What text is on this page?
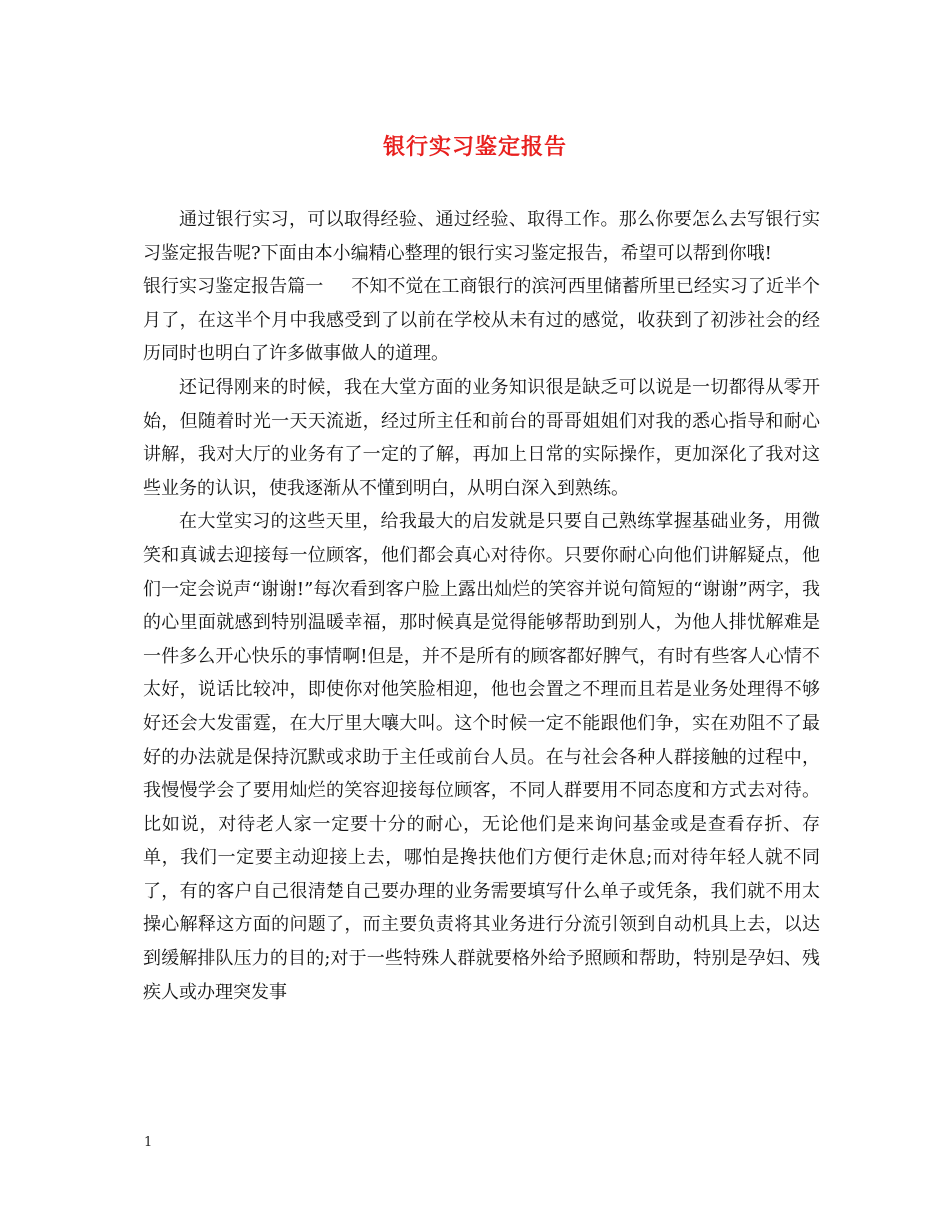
银行实习鉴定报告

通过银行实习，可以取得经验、通过经验、取得工作。那么你要怎么去写银行实习鉴定报告呢?下面由本小编精心整理的银行实习鉴定报告，希望可以帮到你哦!

银行实习鉴定报告篇一 不知不觉在工商银行的滨河西里储蓄所里已经实习了近半个月了，在这半个月中我感受到了以前在学校从未有过的感觉，收获到了初涉社会的经历同时也明白了许多做事做人的道理。

还记得刚来的时候，我在大堂方面的业务知识很是缺乏可以说是一切都得从零开始，但随着时光一天天流逝，经过所主任和前台的哥哥姐姐们对我的悉心指导和耐心讲解，我对大厅的业务有了一定的了解，再加上日常的实际操作，更加深化了我对这些业务的认识，使我逐渐从不懂到明白，从明白深入到熟练。

在大堂实习的这些天里，给我最大的启发就是只要自己熟练掌握基础业务，用微笑和真诚去迎接每一位顾客，他们都会真心对待你。只要你耐心向他们讲解疑点，他们一定会说声“谢谢!”每次看到客户脸上露出灿烂的笑容并说句简短的“谢谢”两字，我的心里面就感到特别温暖幸福，那时候真是觉得能够帮助到别人，为他人排忧解难是一件多么开心快乐的事情啊!但是，并不是所有的顾客都好脾气，有时有些客人心情不太好，说话比较冲，即使你对他笑脸相迎，他也会置之不理而且若是业务处理得不够好还会大发雷霆，在大厅里大嚷大叫。这个时候一定不能跟他们争，实在劝阻不了最好的办法就是保持沉默或求助于主任或前台人员。在与社会各种人群接触的过程中，我慢慢学会了要用灿烂的笑容迎接每位顾客，不同人群要用不同态度和方式去对待。比如说，对待老人家一定要十分的耐心，无论他们是来询问基金或是查看存折、存单，我们一定要主动迎接上去，哪怕是搀扶他们方便行走休息;而对待年轻人就不同了，有的客户自己很清楚自己要办理的业务需要填写什么单子或凭条，我们就不用太操心解释这方面的问题了，而主要负责将其业务进行分流引领到自动机具上去，以达到缓解排队压力的目的;对于一些特殊人群就要格外给予照顾和帮助，特别是孕妇、残疾人或办理突发事

1
